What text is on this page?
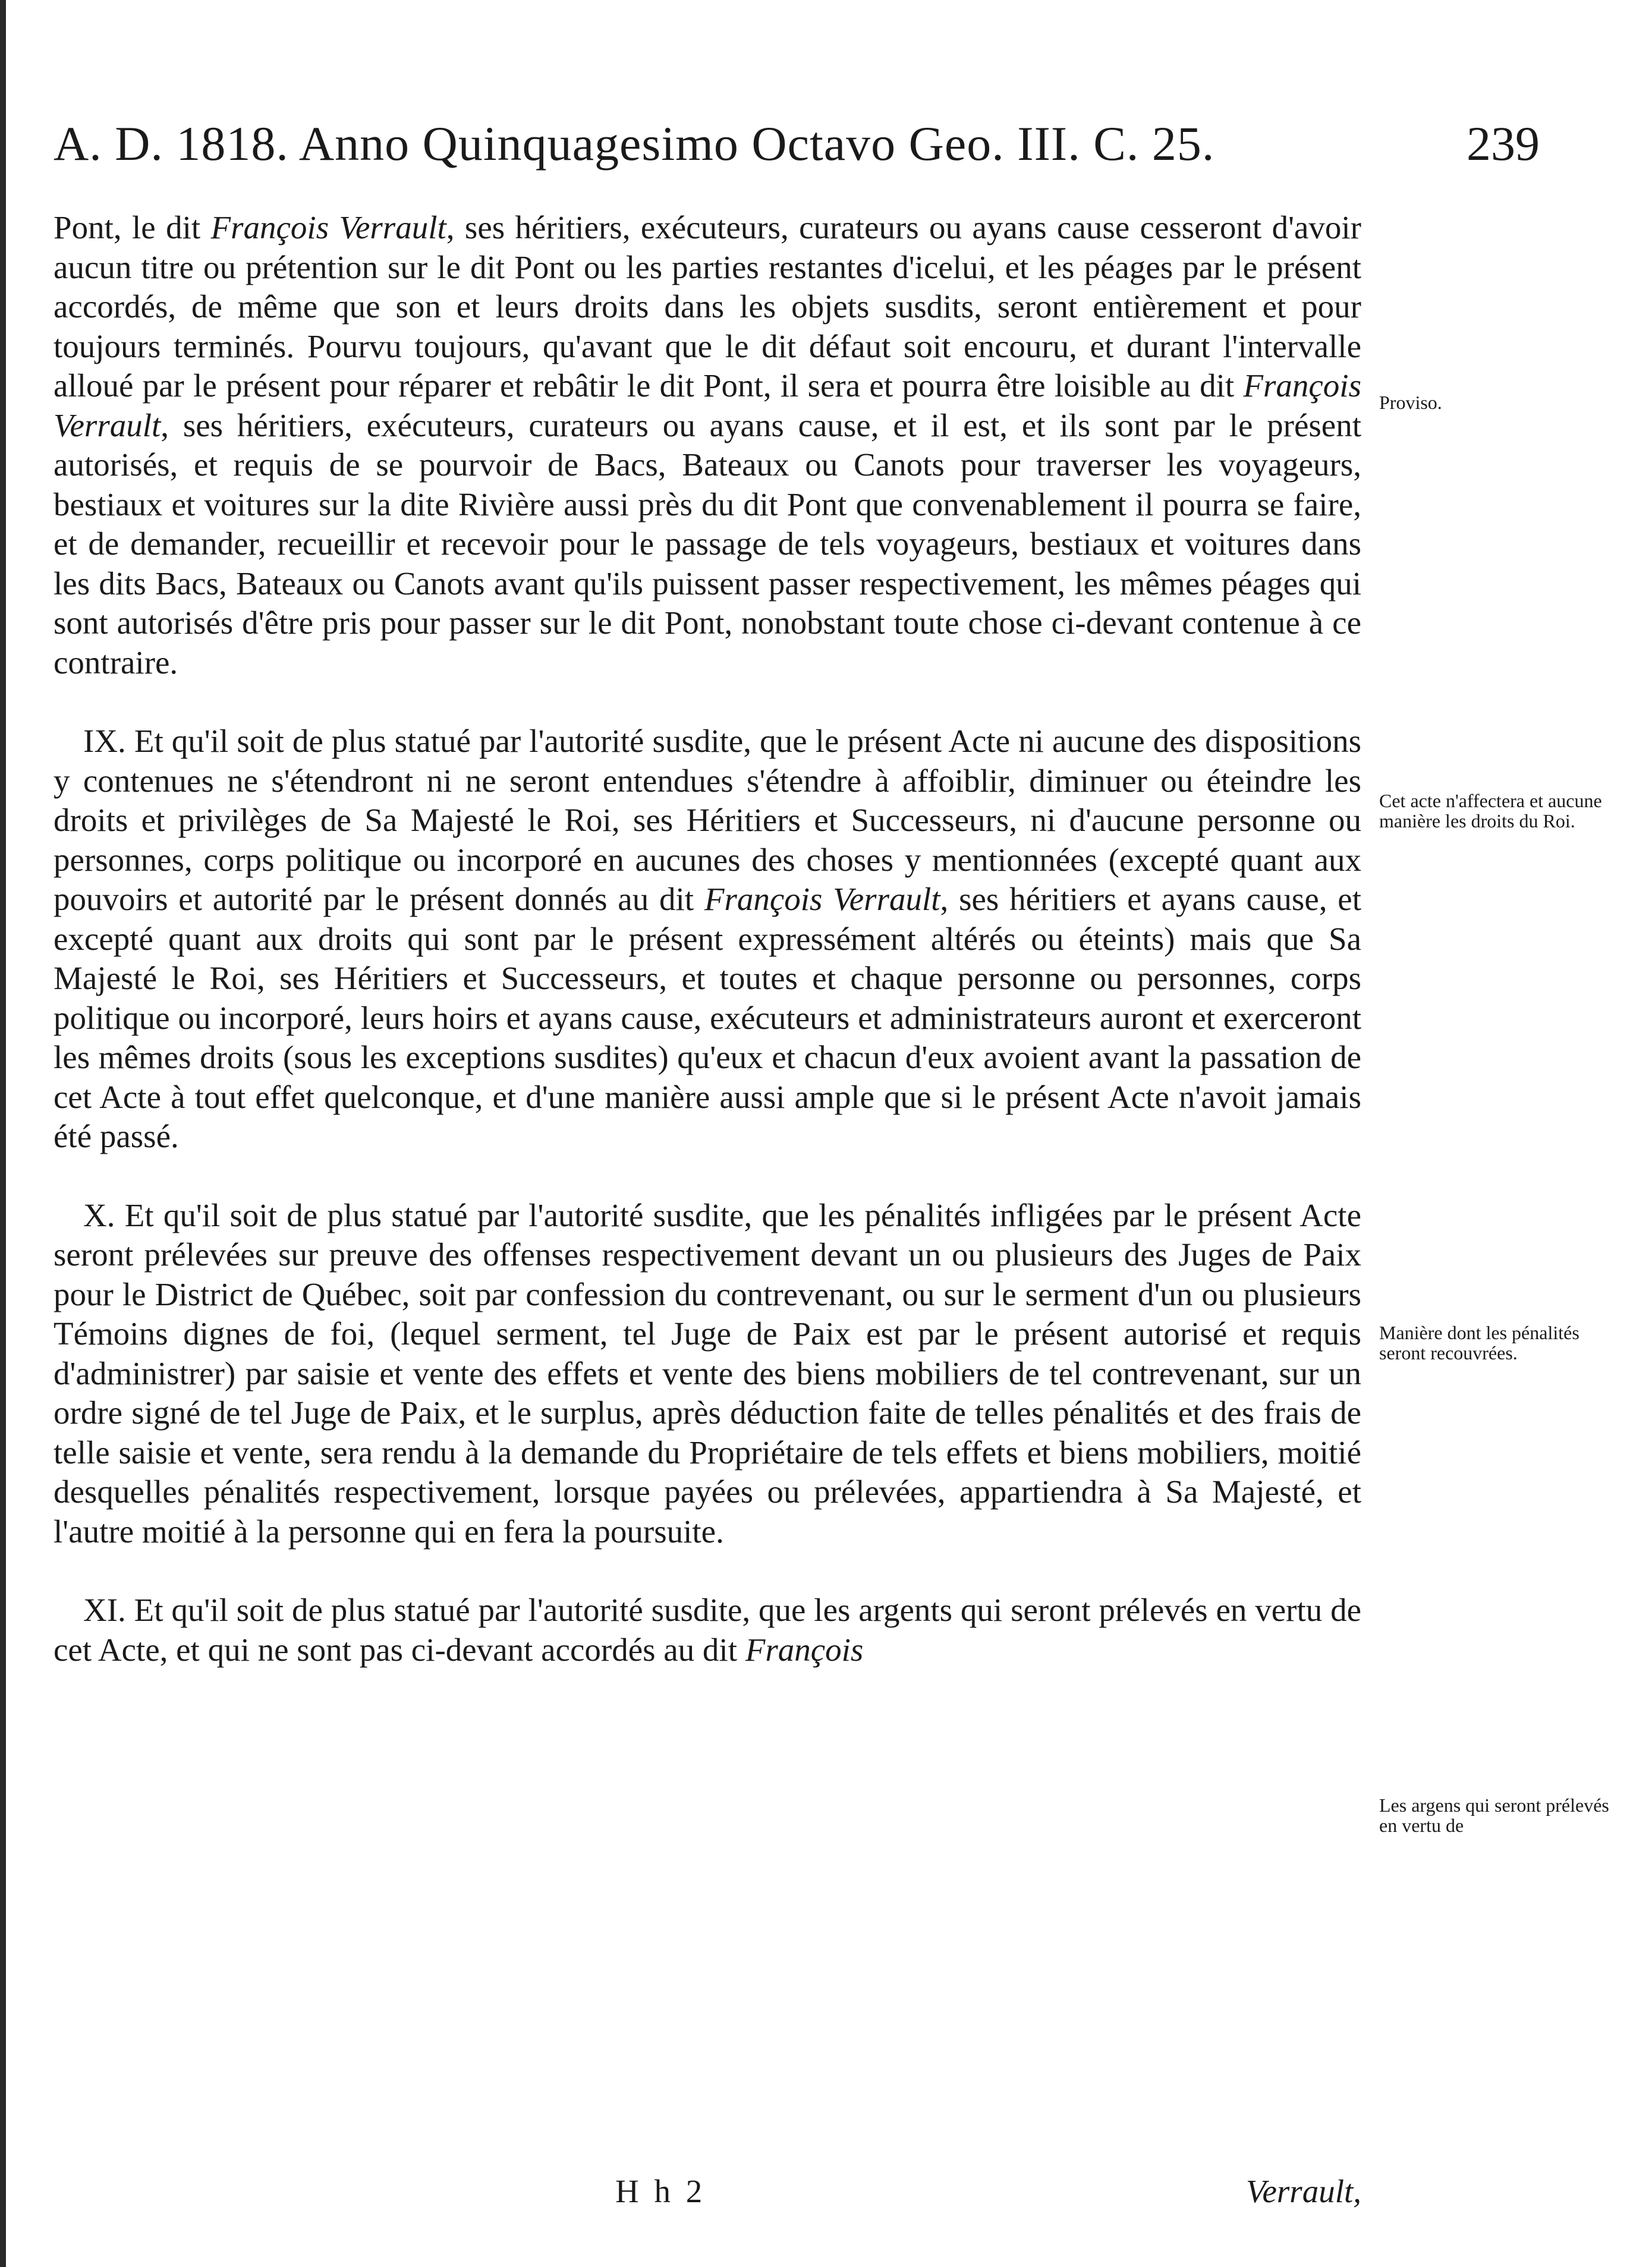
A. D. 1818. Anno Quinquagesimo Octavo Geo. III. C. 25.	239

Pont, le dit François Verrault, ses héritiers, exécuteurs, curateurs ou ayans cause cesseront d'avoir aucun titre ou prétention sur le dit Pont ou les parties restantes d'icelui, et les péages par le présent accordés, de même que son et leurs droits dans les objets susdits, seront entièrement et pour toujours terminés. Pourvu toujours, qu'avant que le dit défaut soit encouru, et durant l'intervalle alloué par le présent pour réparer et rebâtir le dit Pont, il sera et pourra être loisible au dit François Verrault, ses héritiers, exécuteurs, curateurs ou ayans cause, et il est, et ils sont par le présent autorisés, et requis de se pourvoir de Bacs, Bateaux ou Canots pour traverser les voyageurs, bestiaux et voitures sur la dite Rivière aussi près du dit Pont que convenablement il pourra se faire, et de demander, recueillir et recevoir pour le passage de tels voyageurs, bestiaux et voitures dans les dits Bacs, Bateaux ou Canots avant qu'ils puissent passer respectivement, les mêmes péages qui sont autorisés d'être pris pour passer sur le dit Pont, nonobstant toute chose ci-devant contenue à ce contraire.

IX. Et qu'il soit de plus statué par l'autorité susdite, que le présent Acte ni aucune des dispositions y contenues ne s'étendront ni ne seront entendues s'étendre à affoiblir, diminuer ou éteindre les droits et privilèges de Sa Majesté le Roi, ses Héritiers et Successeurs, ni d'aucune personne ou personnes, corps politique ou incorporé en aucunes des choses y mentionnées (excepté quant aux pouvoirs et autorité par le présent donnés au dit François Verrault, ses héritiers et ayans cause, et excepté quant aux droits qui sont par le présent expressément altérés ou éteints) mais que Sa Majesté le Roi, ses Héritiers et Successeurs, et toutes et chaque personne ou personnes, corps politique ou incorporé, leurs hoirs et ayans cause, exécuteurs et administrateurs auront et exerceront les mêmes droits (sous les exceptions susdites) qu'eux et chacun d'eux avoient avant la passation de cet Acte à tout effet quelconque, et d'une manière aussi ample que si le présent Acte n'avoit jamais été passé.

X. Et qu'il soit de plus statué par l'autorité susdite, que les pénalités infligées par le présent Acte seront prélevées sur preuve des offenses respectivement devant un ou plusieurs des Juges de Paix pour le District de Québec, soit par confession du contrevenant, ou sur le serment d'un ou plusieurs Témoins dignes de foi, (lequel serment, tel Juge de Paix est par le présent autorisé et requis d'administrer) par saisie et vente des effets et vente des biens mobiliers de tel contrevenant, sur un ordre signé de tel Juge de Paix, et le surplus, après déduction faite de telles pénalités et des frais de telle saisie et vente, sera rendu à la demande du Propriétaire de tels effets et biens mobiliers, moitié desquelles pénalités respectivement, lorsque payées ou prélevées, appartiendra à Sa Majesté, et l'autre moitié à la personne qui en fera la poursuite.

XI. Et qu'il soit de plus statué par l'autorité susdite, que les argents qui seront prélevés en vertu de cet Acte, et qui ne sont pas ci-devant accordés au dit François

Proviso.
Cet acte n'affectera et aucune manière les droits du Roi.
Manière dont les pénalités seront recouvrées.
Les argens qui seront prélevés en vertu de
H h 2	Verrault,
